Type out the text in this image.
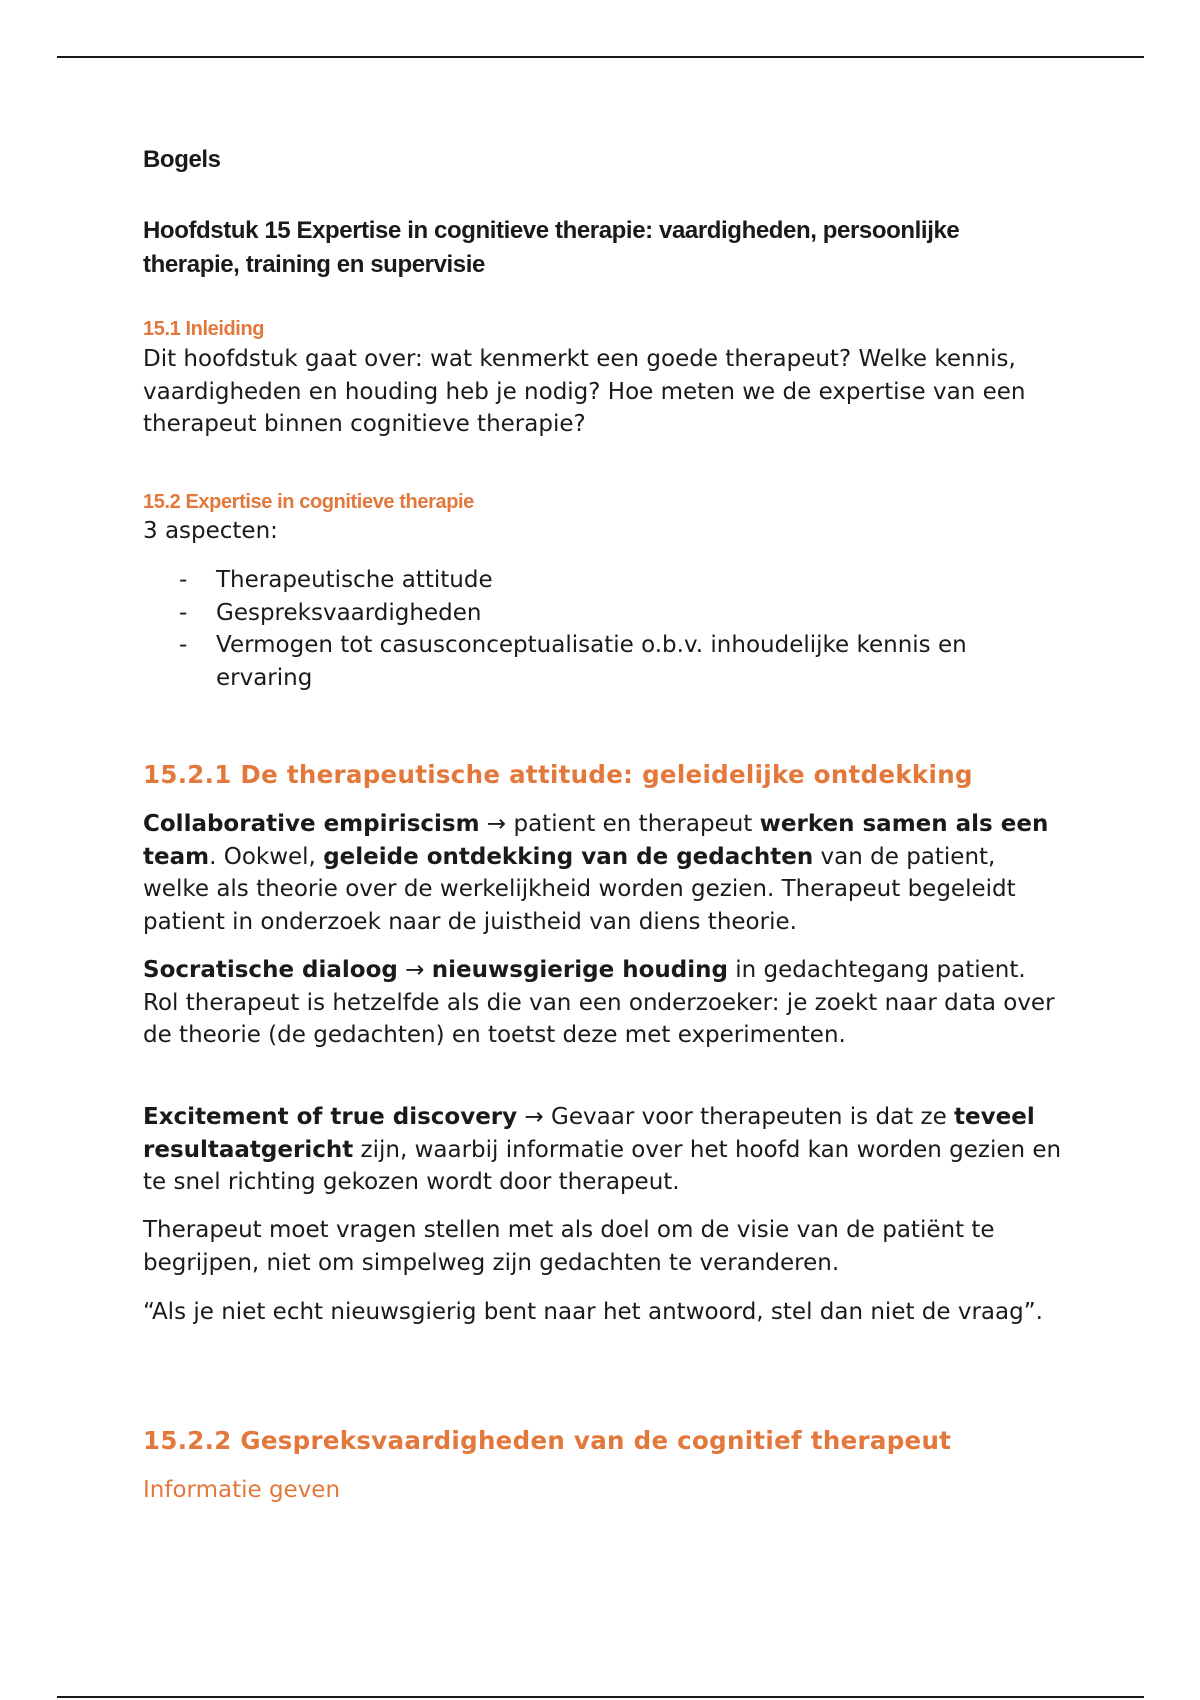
Bogels
Hoofdstuk 15 Expertise in cognitieve therapie: vaardigheden, persoonlijke therapie, training en supervisie
15.1 Inleiding
Dit hoofdstuk gaat over: wat kenmerkt een goede therapeut? Welke kennis, vaardigheden en houding heb je nodig? Hoe meten we de expertise van een therapeut binnen cognitieve therapie?
15.2 Expertise in cognitieve therapie
3 aspecten:
- Therapeutische attitude
- Gespreksvaardigheden
- Vermogen tot casusconceptualisatie o.b.v. inhoudelijke kennis en ervaring
15.2.1 De therapeutische attitude: geleidelijke ontdekking
Collaborative empiriscism → patient en therapeut werken samen als een team. Ookwel, geleide ontdekking van de gedachten van de patient, welke als theorie over de werkelijkheid worden gezien. Therapeut begeleidt patient in onderzoek naar de juistheid van diens theorie.
Socratische dialoog → nieuwsgierige houding in gedachtegang patient. Rol therapeut is hetzelfde als die van een onderzoeker: je zoekt naar data over de theorie (de gedachten) en toetst deze met experimenten.
Excitement of true discovery → Gevaar voor therapeuten is dat ze teveel resultaatgericht zijn, waarbij informatie over het hoofd kan worden gezien en te snel richting gekozen wordt door therapeut.
Therapeut moet vragen stellen met als doel om de visie van de patiënt te begrijpen, niet om simpelweg zijn gedachten te veranderen.
“Als je niet echt nieuwsgierig bent naar het antwoord, stel dan niet de vraag”.
15.2.2 Gespreksvaardigheden van de cognitief therapeut
Informatie geven
